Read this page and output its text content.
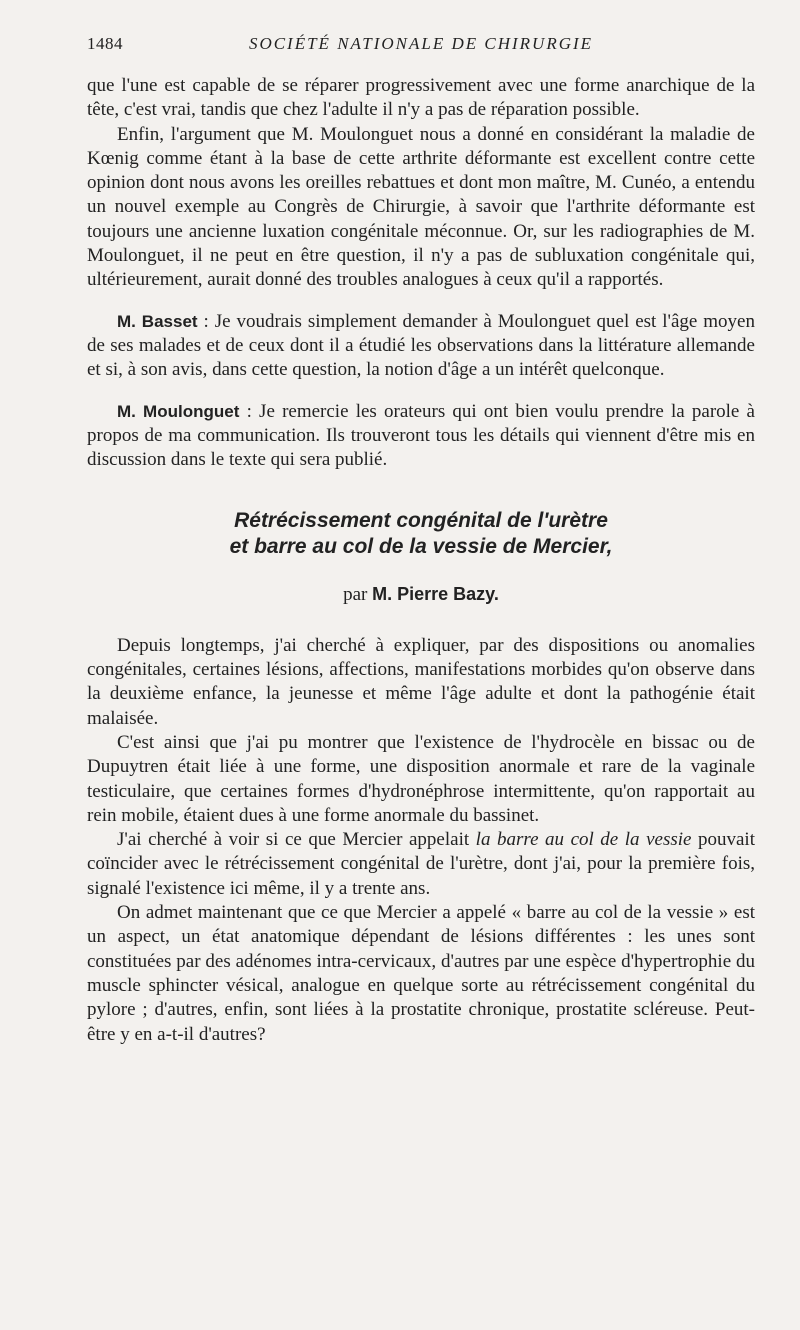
1484	SOCIÉTÉ NATIONALE DE CHIRURGIE

que l'une est capable de se réparer progressivement avec une forme anarchique de la tête, c'est vrai, tandis que chez l'adulte il n'y a pas de réparation possible.

Enfin, l'argument que M. Moulonguet nous a donné en considérant la maladie de Kœnig comme étant à la base de cette arthrite déformante est excellent contre cette opinion dont nous avons les oreilles rebattues et dont mon maître, M. Cunéo, a entendu un nouvel exemple au Congrès de Chirurgie, à savoir que l'arthrite déformante est toujours une ancienne luxation congénitale méconnue. Or, sur les radiographies de M. Moulonguet, il ne peut en être question, il n'y a pas de subluxation congénitale qui, ultérieurement, aurait donné des troubles analogues à ceux qu'il a rapportés.

M. Basset : Je voudrais simplement demander à Moulonguet quel est l'âge moyen de ses malades et de ceux dont il a étudié les observations dans la littérature allemande et si, à son avis, dans cette question, la notion d'âge a un intérêt quelconque.

M. Moulonguet : Je remercie les orateurs qui ont bien voulu prendre la parole à propos de ma communication. Ils trouveront tous les détails qui viennent d'être mis en discussion dans le texte qui sera publié.

Rétrécissement congénital de l'urètre
et barre au col de la vessie de Mercier,
par M. Pierre Bazy.

Depuis longtemps, j'ai cherché à expliquer, par des dispositions ou anomalies congénitales, certaines lésions, affections, manifestations morbides qu'on observe dans la deuxième enfance, la jeunesse et même l'âge adulte et dont la pathogénie était malaisée.

C'est ainsi que j'ai pu montrer que l'existence de l'hydrocèle en bissac ou de Dupuytren était liée à une forme, une disposition anormale et rare de la vaginale testiculaire, que certaines formes d'hydronéphrose intermittente, qu'on rapportait au rein mobile, étaient dues à une forme anormale du bassinet.

J'ai cherché à voir si ce que Mercier appelait la barre au col de la vessie pouvait coïncider avec le rétrécissement congénital de l'urètre, dont j'ai, pour la première fois, signalé l'existence ici même, il y a trente ans.

On admet maintenant que ce que Mercier a appelé « barre au col de la vessie » est un aspect, un état anatomique dépendant de lésions différentes : les unes sont constituées par des adénomes intra-cervicaux, d'autres par une espèce d'hypertrophie du muscle sphincter vésical, analogue en quelque sorte au rétrécissement congénital du pylore ; d'autres, enfin, sont liées à la prostatite chronique, prostatite scléreuse. Peut-être y en a-t-il d'autres?
